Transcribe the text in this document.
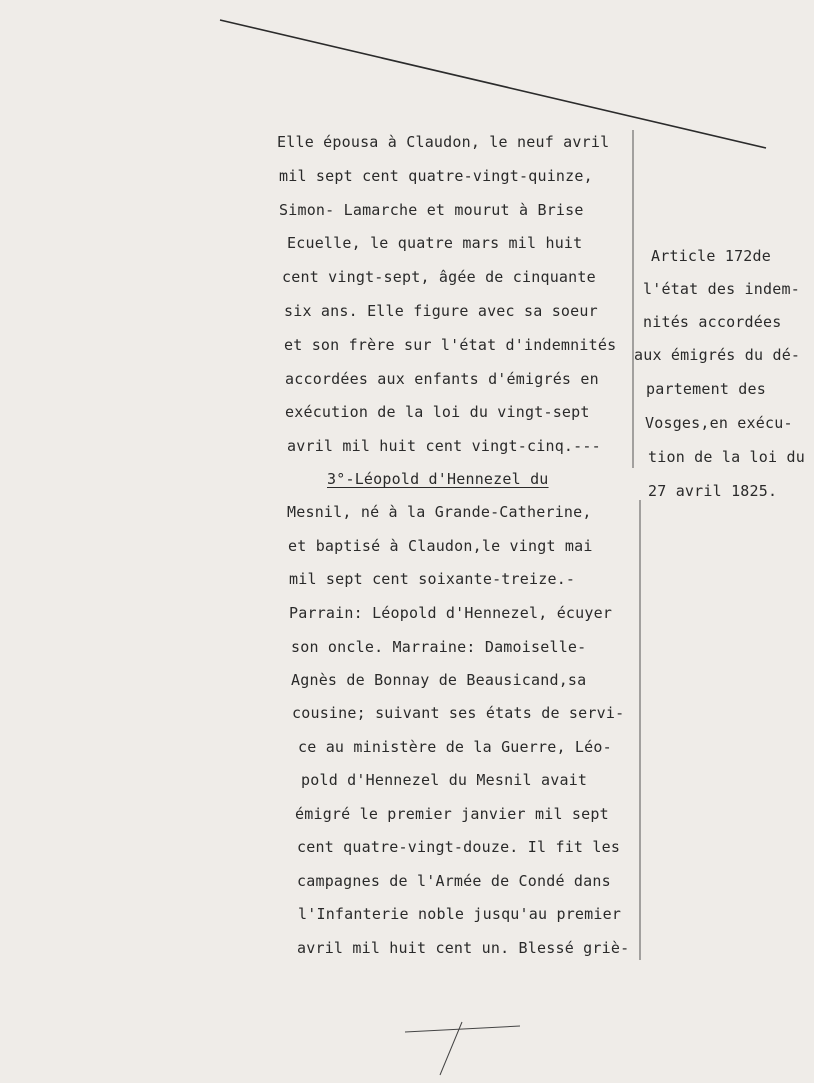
Elle épousa à Claudon, le neuf avril
mil sept cent quatre-vingt-quinze,
Simon- Lamarche et mourut à Brise
Ecuelle, le quatre mars mil huit
cent vingt-sept, âgée de cinquante
six ans. Elle figure avec sa soeur
et son frère sur l'état d'indemnités
accordées aux enfants d'émigrés en
exécution de la loi du vingt-sept
avril mil huit cent vingt-cinq.---
3°-Léopold d'Hennezel du
Mesnil, né à la Grande-Catherine,
et baptisé à Claudon,le vingt mai
mil sept cent soixante-treize.-
Parrain: Léopold d'Hennezel, écuyer
son oncle. Marraine: Damoiselle-
Agnès de Bonnay de Beausicand,sa
cousine; suivant ses états de servi-
ce au ministère de la Guerre, Léo-
pold d'Hennezel du Mesnil avait
émigré le premier janvier mil sept
cent quatre-vingt-douze. Il fit les
campagnes de l'Armée de Condé dans
l'Infanterie noble jusqu'au premier
avril mil huit cent un. Blessé griè-
Article 172de
l'état des indem-
nités accordées
aux émigrés du dé-
partement des
Vosges,en exécu-
tion de la loi du
27 avril 1825.
